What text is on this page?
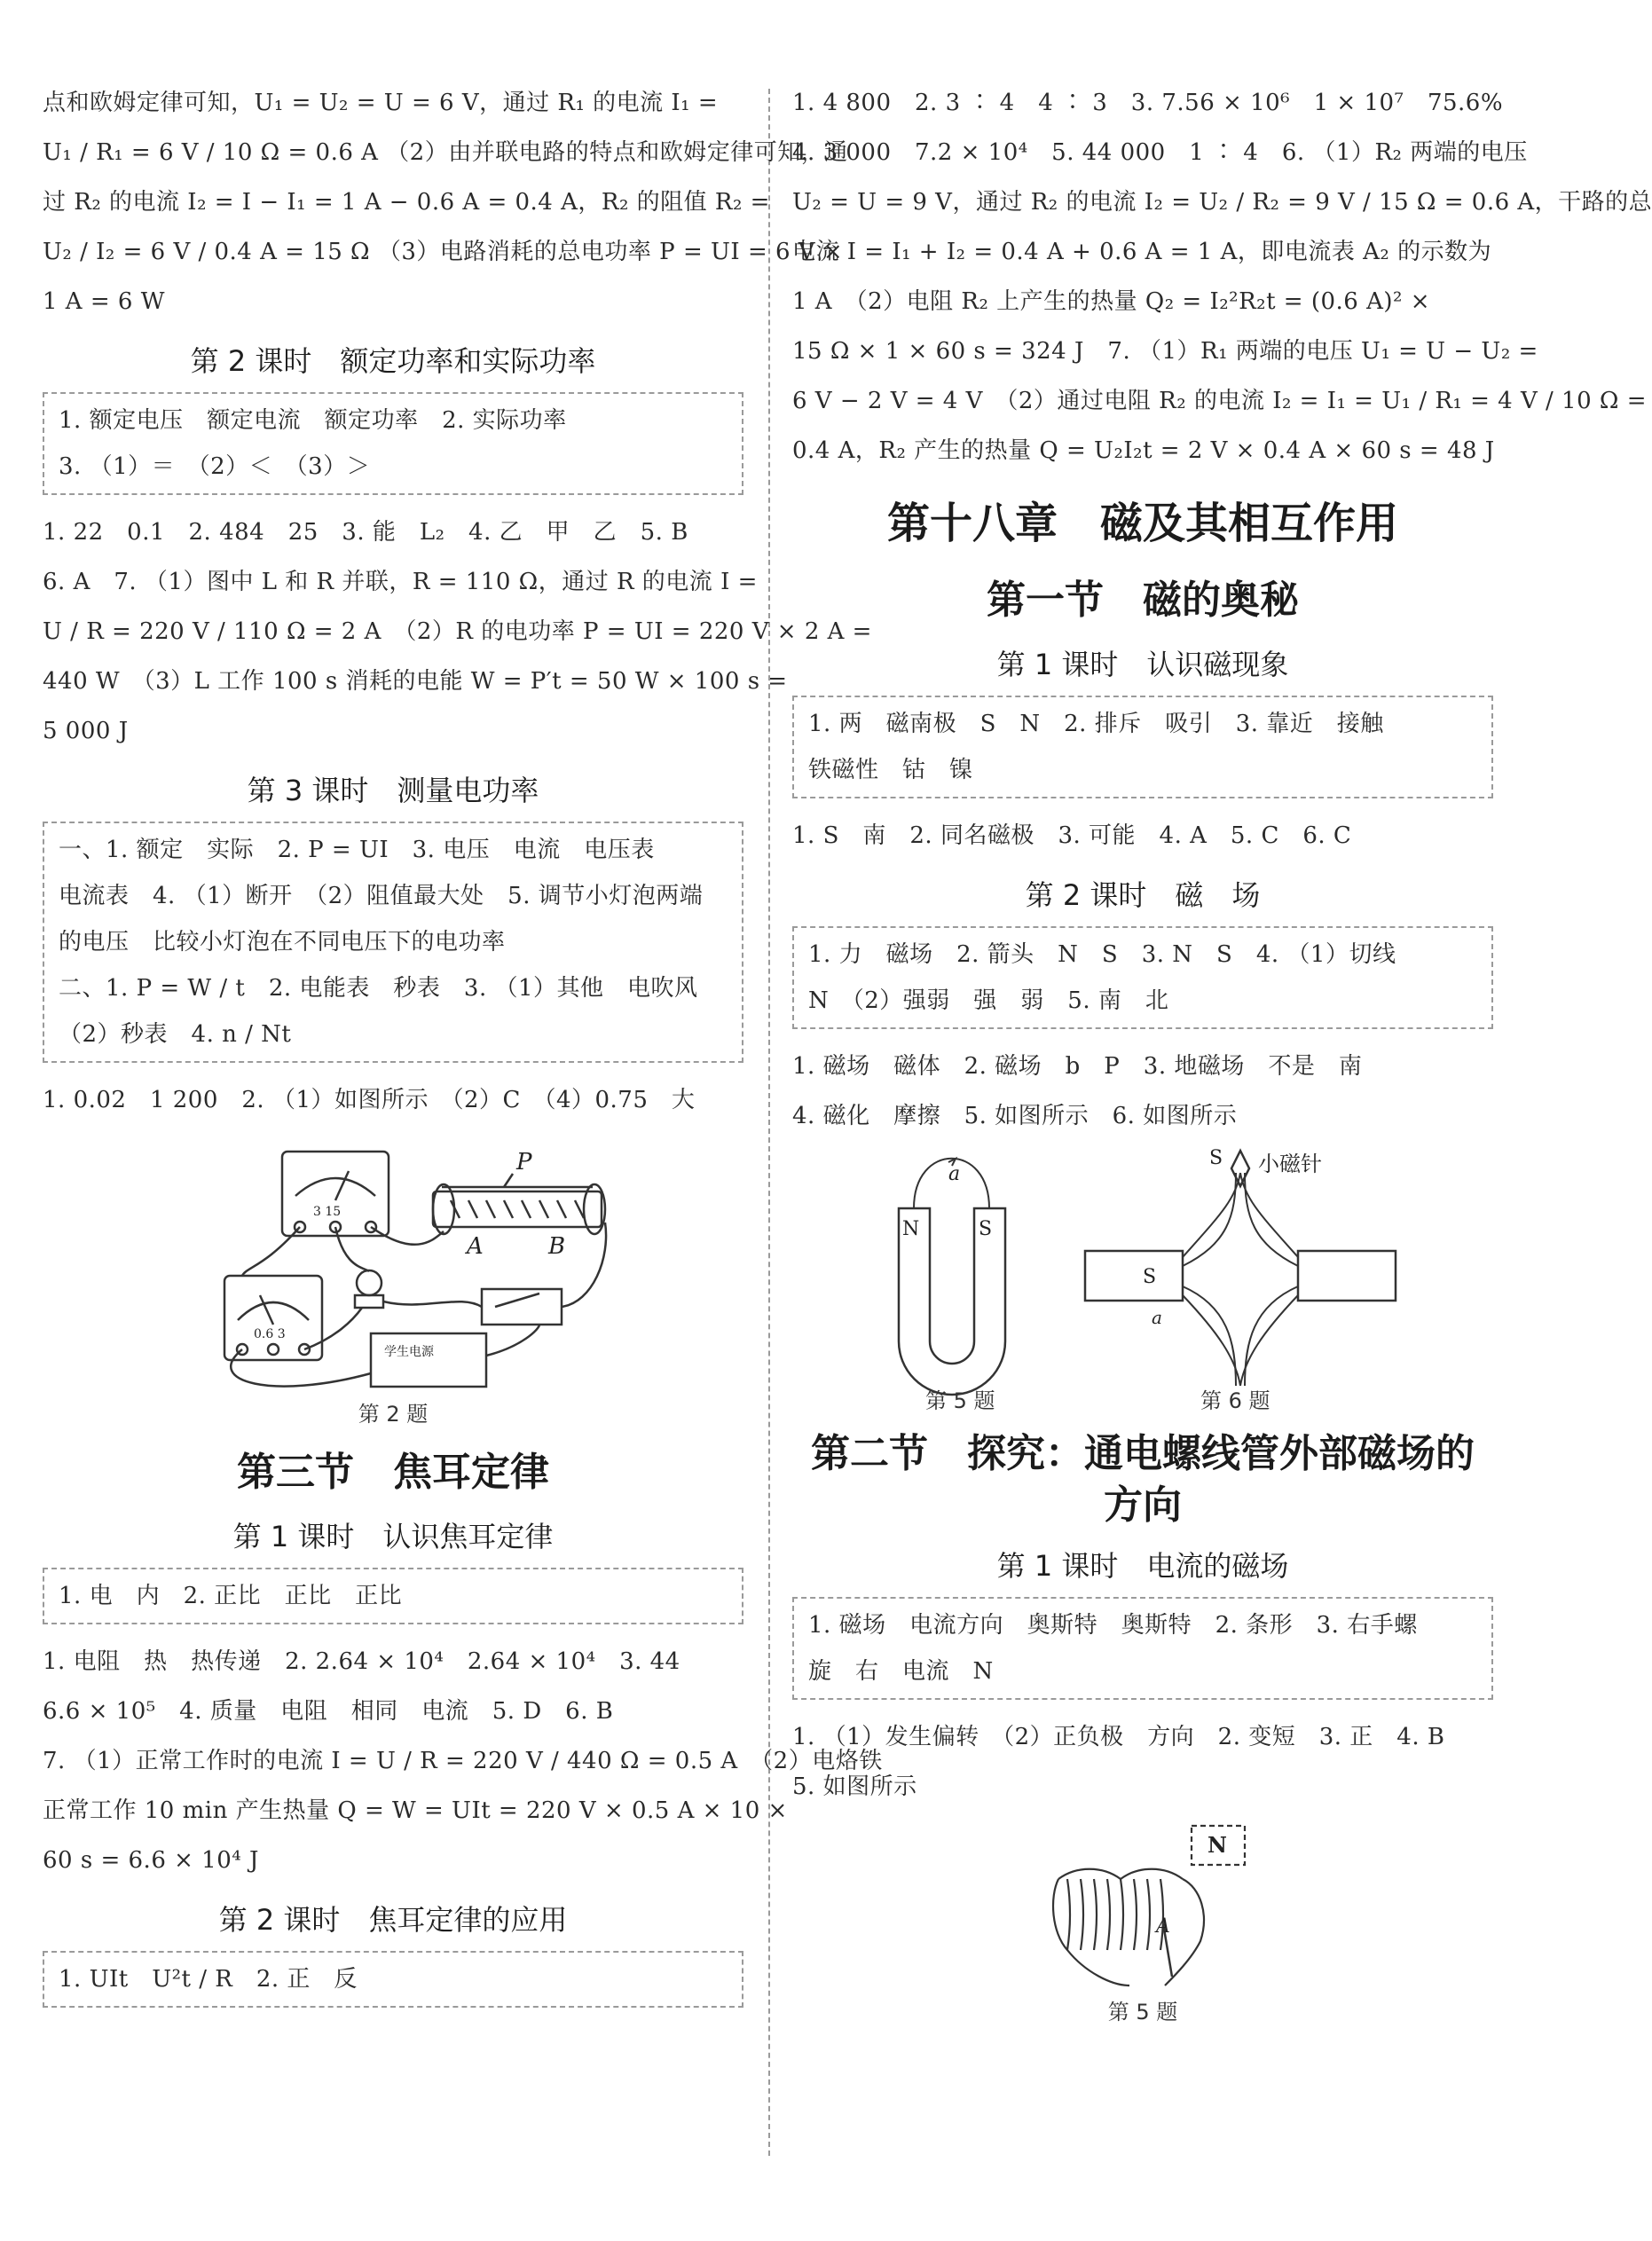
点和欧姆定律可知，U₁ = U₂ = U = 6 V，通过 R₁ 的电流 I₁ =
U₁ / R₁ = 6 V / 10 Ω = 0.6 A （2）由并联电路的特点和欧姆定律可知，通
过 R₂ 的电流 I₂ = I − I₁ = 1 A − 0.6 A = 0.4 A，R₂ 的阻值 R₂ =
U₂ / I₂ = 6 V / 0.4 A = 15 Ω （3）电路消耗的总电功率 P = UI = 6 V ×
1 A = 6 W
第 2 课时　额定功率和实际功率
1. 额定电压　额定电流　额定功率　2. 实际功率
3. （1）＝　（2）＜　（3）＞
1. 22　0.1　2. 484　25　3. 能　L₂　4. 乙　甲　乙　5. B
6. A　7. （1）图中 L 和 R 并联，R = 110 Ω，通过 R 的电流 I =
U / R = 220 V / 110 Ω = 2 A　（2）R 的电功率 P = UI = 220 V × 2 A =
440 W　（3）L 工作 100 s 消耗的电能 W = P′t = 50 W × 100 s =
5 000 J
第 3 课时　测量电功率
一、1. 额定　实际　2. P = UI　3. 电压　电流　电压表
电流表　4. （1）断开　（2）阻值最大处　5. 调节小灯泡两端
的电压　比较小灯泡在不同电压下的电功率
二、1. P = W / t　2. 电能表　秒表　3. （1）其他　电吹风
（2）秒表　4. n / Nt
1. 0.02　1 200　2. （1）如图所示　（2）C　（4）0.75　大
P
A	B
3 15
0.6 3
学生电源
第 2 题
第三节　焦耳定律
第 1 课时　认识焦耳定律
1. 电　内　2. 正比　正比　正比
1. 电阻　热　热传递　2. 2.64 × 10⁴　2.64 × 10⁴　3. 44
6.6 × 10⁵　4. 质量　电阻　相同　电流　5. D　6. B
7. （1）正常工作时的电流 I = U / R = 220 V / 440 Ω = 0.5 A　（2）电烙铁
正常工作 10 min 产生热量 Q = W = UIt = 220 V × 0.5 A × 10 ×
60 s = 6.6 × 10⁴ J
第 2 课时　焦耳定律的应用
1. UIt　U²t / R　2. 正　反
1. 4 800　2. 3 ∶ 4　4 ∶ 3　3. 7.56 × 10⁶　1 × 10⁷　75.6%
4. 3 000　7.2 × 10⁴　5. 44 000　1 ∶ 4　6. （1）R₂ 两端的电压
U₂ = U = 9 V，通过 R₂ 的电流 I₂ = U₂ / R₂ = 9 V / 15 Ω = 0.6 A，干路的总
电流 I = I₁ + I₂ = 0.4 A + 0.6 A = 1 A，即电流表 A₂ 的示数为
1 A　（2）电阻 R₂ 上产生的热量 Q₂ = I₂²R₂t = (0.6 A)² ×
15 Ω × 1 × 60 s = 324 J　7. （1）R₁ 两端的电压 U₁ = U − U₂ =
6 V − 2 V = 4 V　（2）通过电阻 R₂ 的电流 I₂ = I₁ = U₁ / R₁ = 4 V / 10 Ω =
0.4 A，R₂ 产生的热量 Q = U₂I₂t = 2 V × 0.4 A × 60 s = 48 J
第十八章　磁及其相互作用
第一节　磁的奥秘
第 1 课时　认识磁现象
1. 两　磁南极　S　N　2. 排斥　吸引　3. 靠近　接触
铁磁性　钴　镍
1. S　南　2. 同名磁极　3. 可能　4. A　5. C　6. C
第 2 课时　磁　场
1. 力　磁场　2. 箭头　N　S　3. N　S　4. （1）切线
N　（2）强弱　强　弱　5. 南　北
1. 磁场　磁体　2. 磁场　b　P　3. 地磁场　不是　南
4. 磁化　摩擦　5. 如图所示　6. 如图所示
a
N	S
第 5 题
S 小磁针
S
a
第 6 题
第二节　探究：通电螺线管外部磁场的方向
第 1 课时　电流的磁场
1. 磁场　电流方向　奥斯特　奥斯特　2. 条形　3. 右手螺
旋　右　电流　N
1. （1）发生偏转　（2）正负极　方向　2. 变短　3. 正　4. B
5. 如图所示
N
A
第 5 题
